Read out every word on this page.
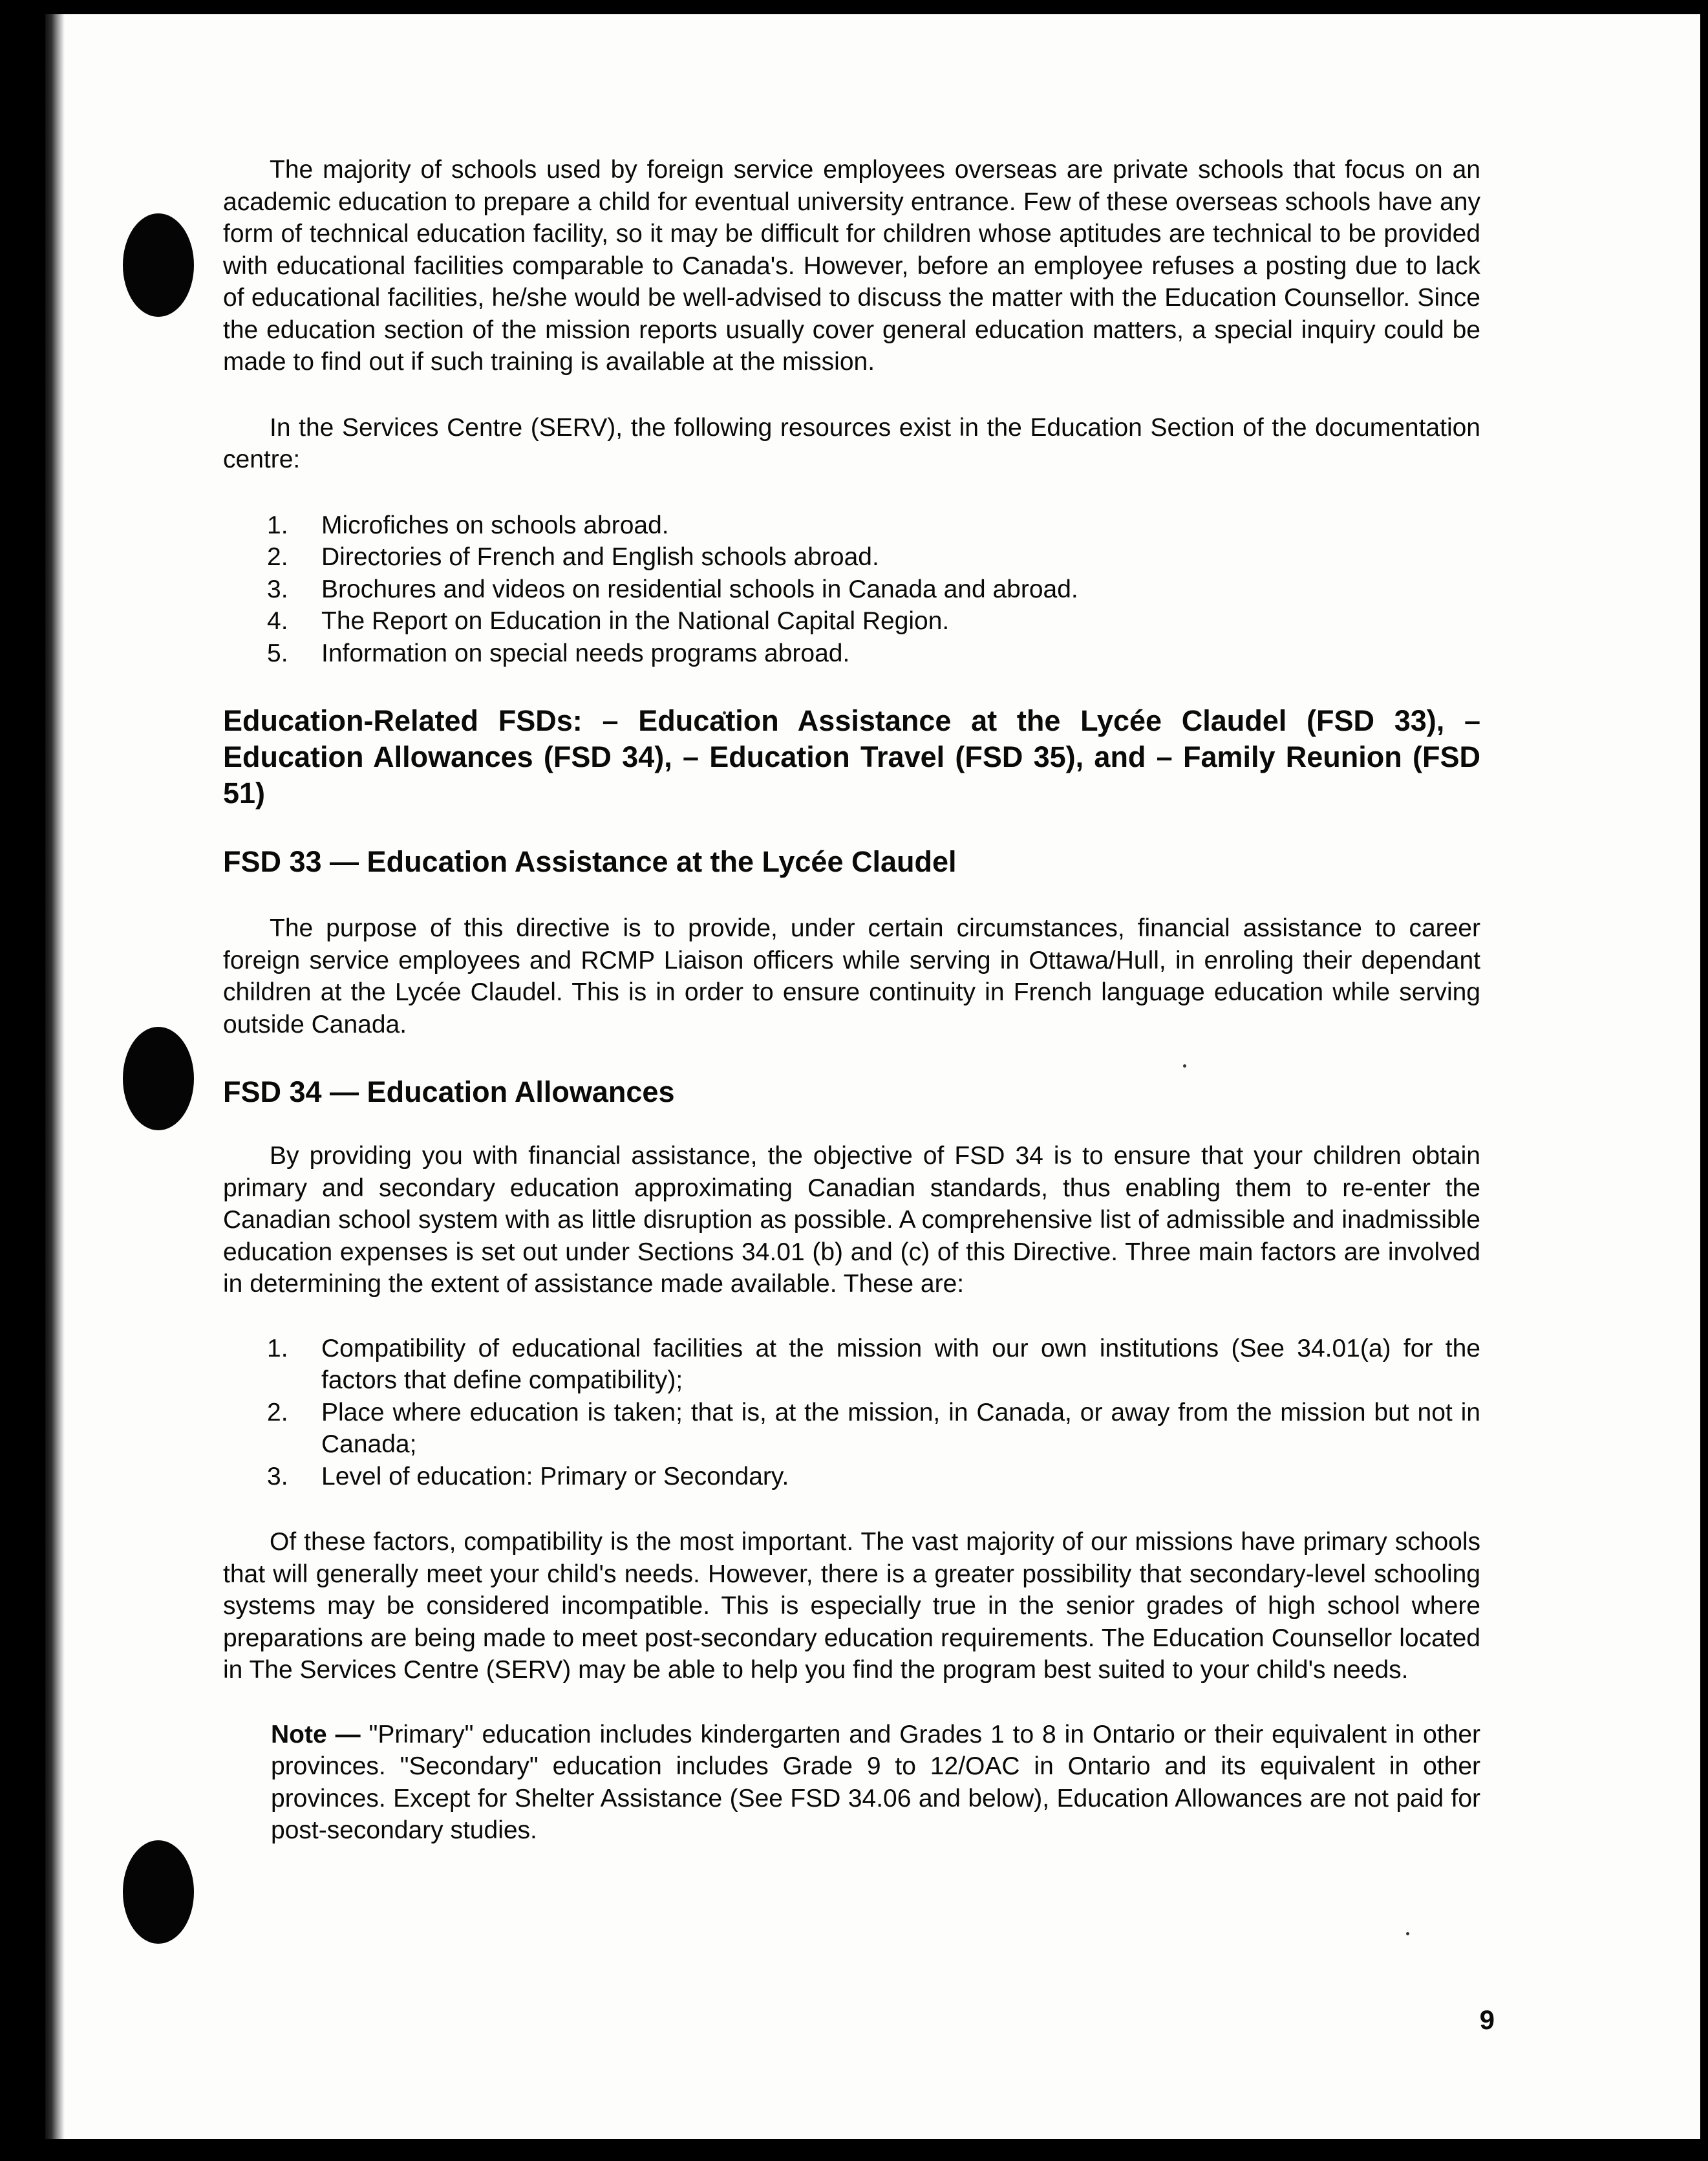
The majority of schools used by foreign service employees overseas are private schools that focus on an academic education to prepare a child for eventual university entrance. Few of these overseas schools have any form of technical education facility, so it may be difficult for children whose aptitudes are technical to be provided with educational facilities comparable to Canada's. However, before an employee refuses a posting due to lack of educational facilities, he/she would be well-advised to discuss the matter with the Education Counsellor. Since the education section of the mission reports usually cover general education matters, a special inquiry could be made to find out if such training is available at the mission.

In the Services Centre (SERV), the following resources exist in the Education Section of the documentation centre:

1.	Microfiches on schools abroad.
2.	Directories of French and English schools abroad.
3.	Brochures and videos on residential schools in Canada and abroad.
4.	The Report on Education in the National Capital Region.
5.	Information on special needs programs abroad.

Education-Related FSDs: – Education Assistance at the Lycée Claudel (FSD 33), – Education Allowances (FSD 34), – Education Travel (FSD 35), and – Family Reunion (FSD 51)

FSD 33 — Education Assistance at the Lycée Claudel

The purpose of this directive is to provide, under certain circumstances, financial assistance to career foreign service employees and RCMP Liaison officers while serving in Ottawa/Hull, in enroling their dependant children at the Lycée Claudel. This is in order to ensure continuity in French language education while serving outside Canada.

FSD 34 — Education Allowances

By providing you with financial assistance, the objective of FSD 34 is to ensure that your children obtain primary and secondary education approximating Canadian standards, thus enabling them to re-enter the Canadian school system with as little disruption as possible. A comprehensive list of admissible and inadmissible education expenses is set out under Sections 34.01 (b) and (c) of this Directive. Three main factors are involved in determining the extent of assistance made available. These are:

1.	Compatibility of educational facilities at the mission with our own institutions (See 34.01(a) for the factors that define compatibility);
2.	Place where education is taken; that is, at the mission, in Canada, or away from the mission but not in Canada;
3.	Level of education: Primary or Secondary.

Of these factors, compatibility is the most important. The vast majority of our missions have primary schools that will generally meet your child's needs. However, there is a greater possibility that secondary-level schooling systems may be considered incompatible. This is especially true in the senior grades of high school where preparations are being made to meet post-secondary education requirements. The Education Counsellor located in The Services Centre (SERV) may be able to help you find the program best suited to your child's needs.

Note — "Primary" education includes kindergarten and Grades 1 to 8 in Ontario or their equivalent in other provinces. "Secondary" education includes Grade 9 to 12/OAC in Ontario and its equivalent in other provinces. Except for Shelter Assistance (See FSD 34.06 and below), Education Allowances are not paid for post-secondary studies.

9
